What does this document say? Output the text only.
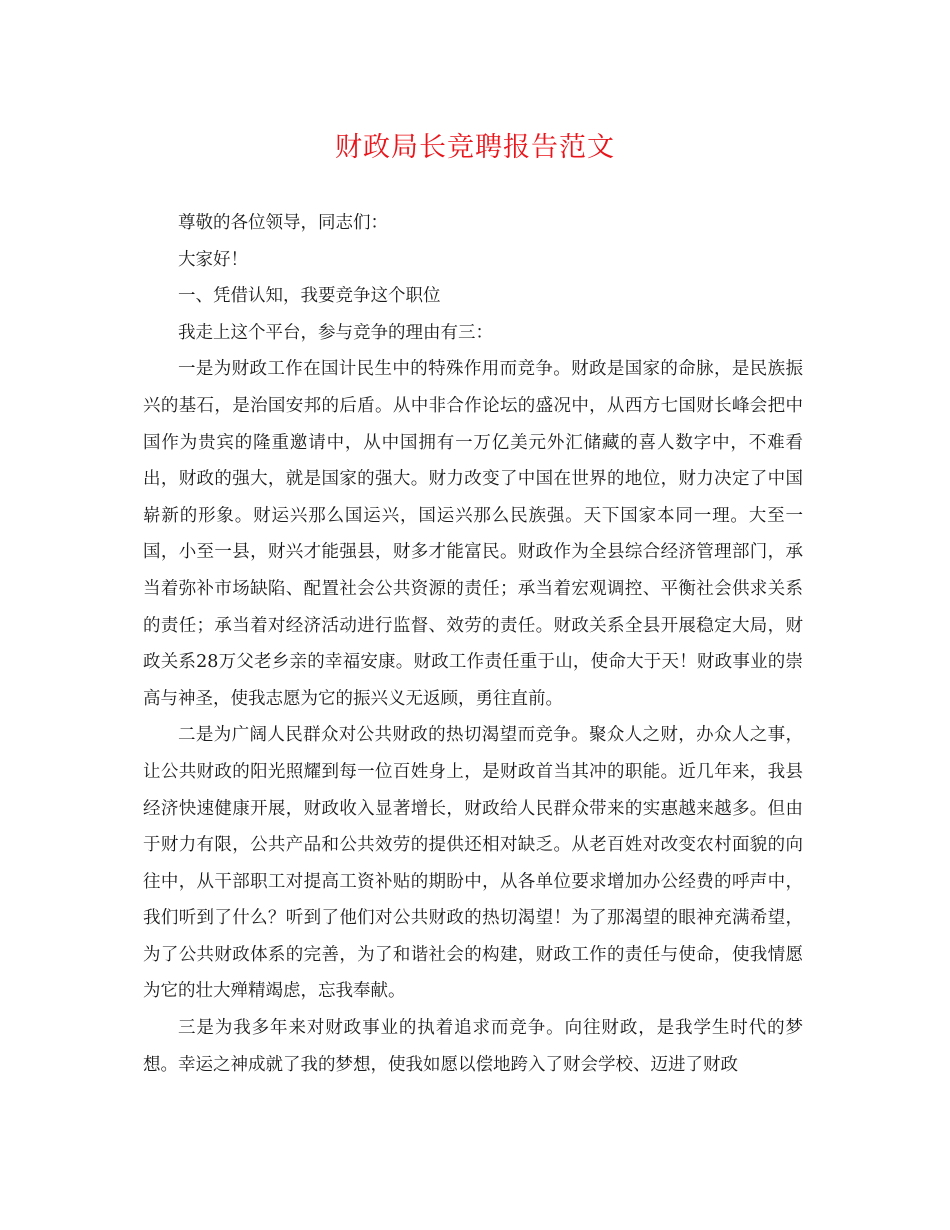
财政局长竞聘报告范文

尊敬的各位领导，同志们：

大家好！

一、凭借认知，我要竞争这个职位

我走上这个平台，参与竞争的理由有三：

一是为财政工作在国计民生中的特殊作用而竞争。财政是国家的命脉，是民族振兴的基石，是治国安邦的后盾。从中非合作论坛的盛况中，从西方七国财长峰会把中国作为贵宾的隆重邀请中，从中国拥有一万亿美元外汇储藏的喜人数字中，不难看出，财政的强大，就是国家的强大。财力改变了中国在世界的地位，财力决定了中国崭新的形象。财运兴那么国运兴，国运兴那么民族强。天下国家本同一理。大至一国，小至一县，财兴才能强县，财多才能富民。财政作为全县综合经济管理部门，承当着弥补市场缺陷、配置社会公共资源的责任；承当着宏观调控、平衡社会供求关系的责任；承当着对经济活动进行监督、效劳的责任。财政关系全县开展稳定大局，财政关系28万父老乡亲的幸福安康。财政工作责任重于山，使命大于天！财政事业的崇高与神圣，使我志愿为它的振兴义无返顾，勇往直前。

二是为广阔人民群众对公共财政的热切渴望而竞争。聚众人之财，办众人之事，让公共财政的阳光照耀到每一位百姓身上，是财政首当其冲的职能。近几年来，我县经济快速健康开展，财政收入显著增长，财政给人民群众带来的实惠越来越多。但由于财力有限，公共产品和公共效劳的提供还相对缺乏。从老百姓对改变农村面貌的向往中，从干部职工对提高工资补贴的期盼中，从各单位要求增加办公经费的呼声中，我们听到了什么？听到了他们对公共财政的热切渴望！为了那渴望的眼神充满希望，为了公共财政体系的完善，为了和谐社会的构建，财政工作的责任与使命，使我情愿为它的壮大殚精竭虑，忘我奉献。

三是为我多年来对财政事业的执着追求而竞争。向往财政，是我学生时代的梦想。幸运之神成就了我的梦想，使我如愿以偿地跨入了财会学校、迈进了财政
